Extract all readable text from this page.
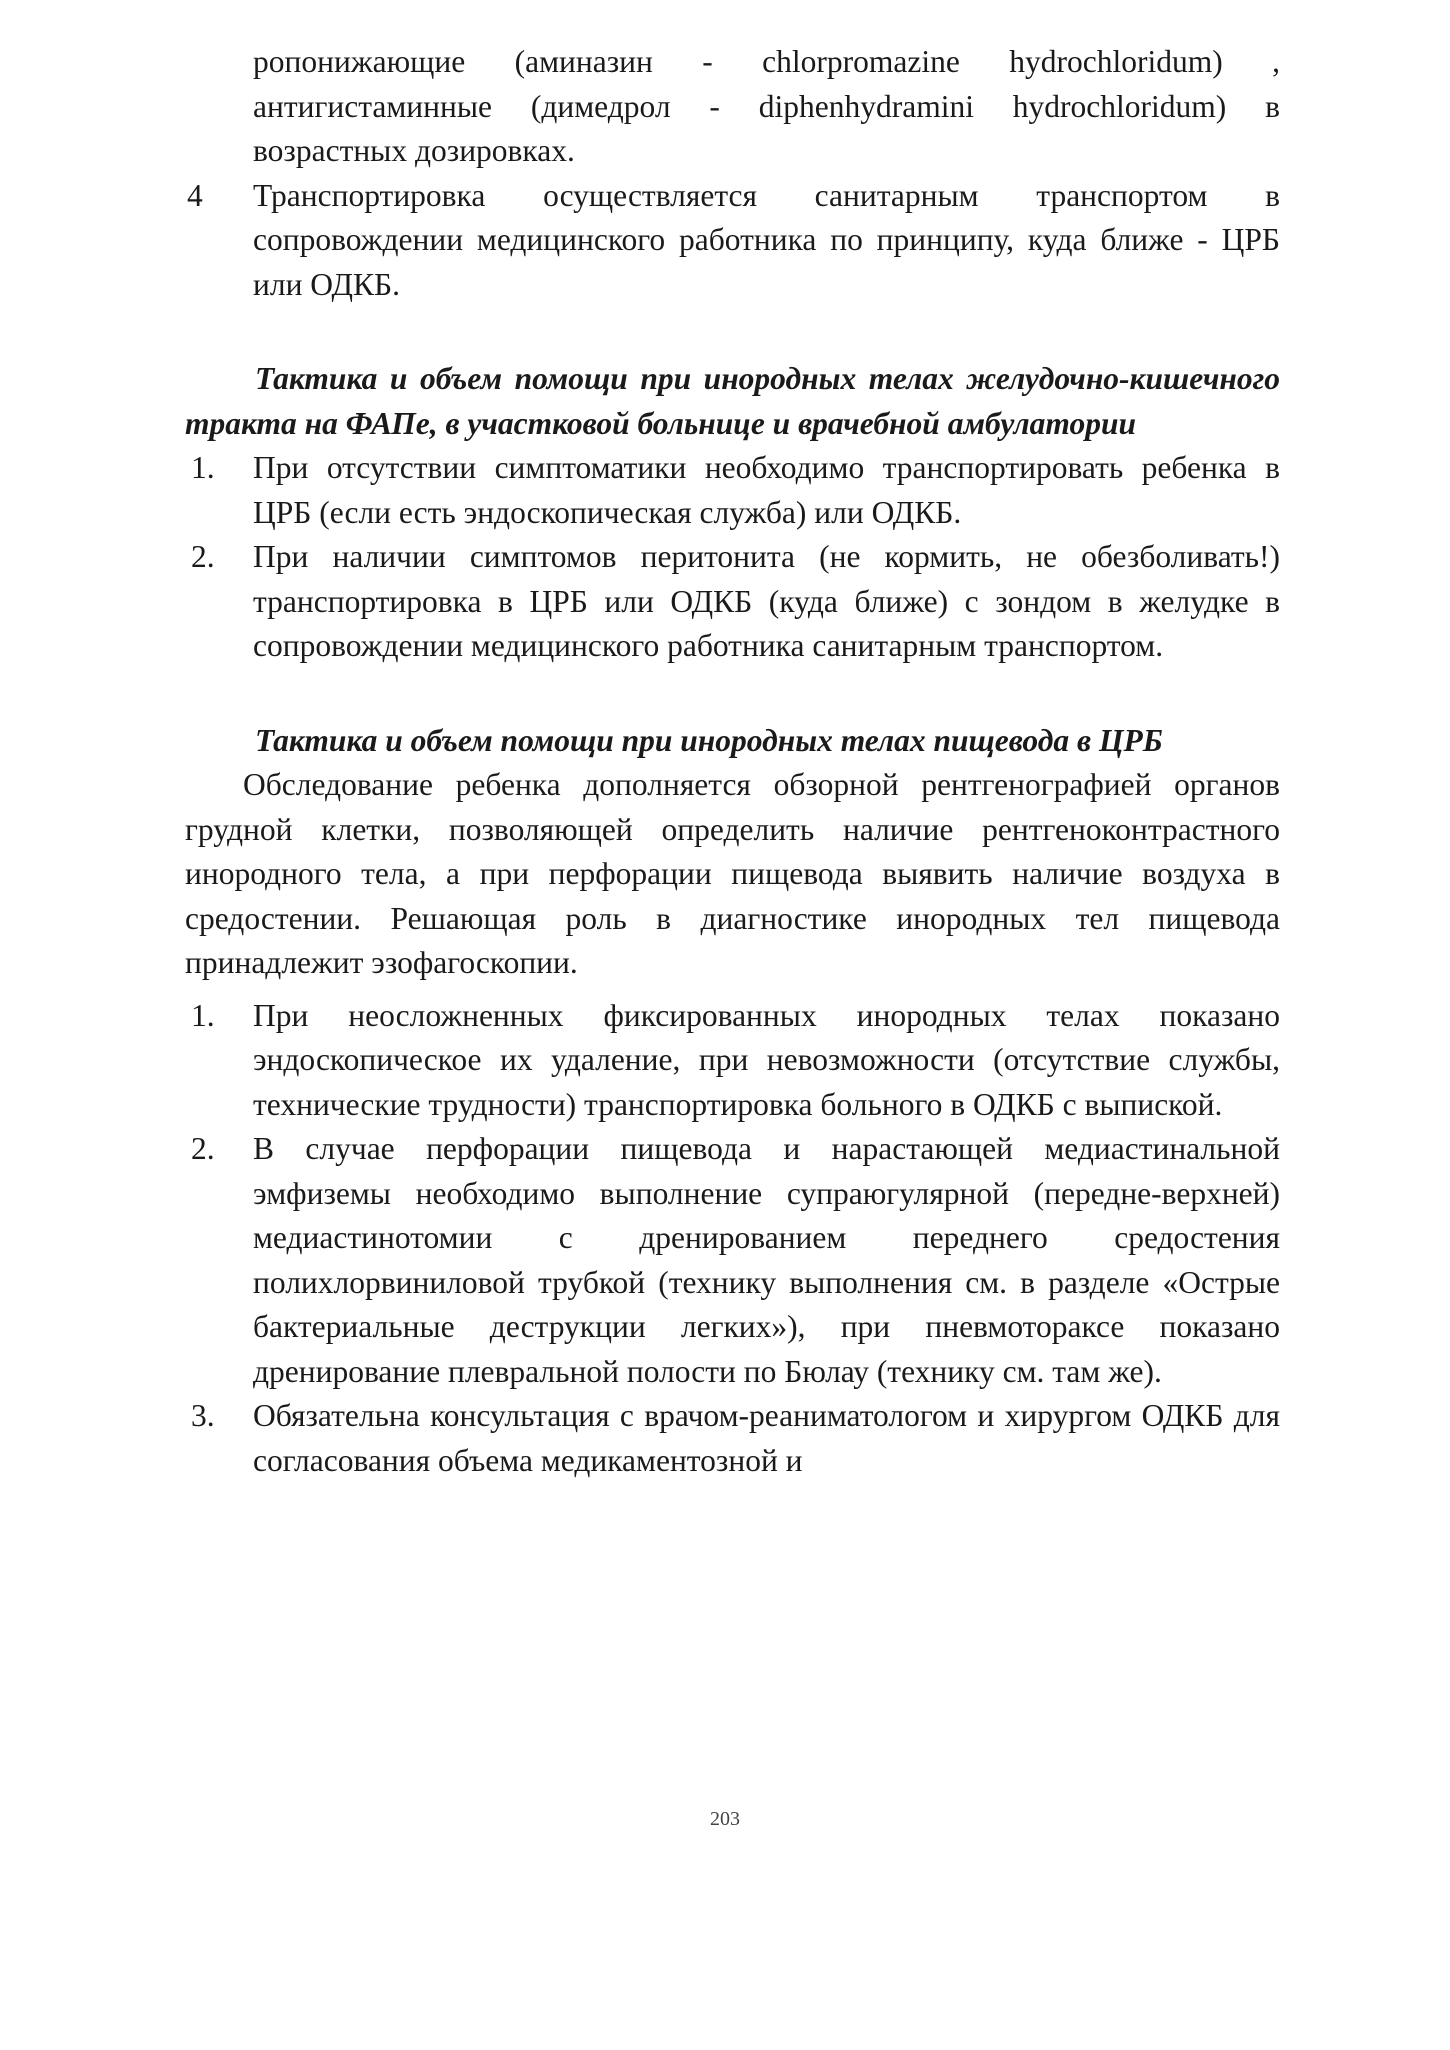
ропонижающие (аминазин - chlorpromazine hydrochloridum) , антигистаминные (димедрол - diphenhydramini hydrochloridum) в возрастных дозировках.

4 Транспортировка осуществляется санитарным транспортом в сопровождении медицинского работника по принципу, куда ближе - ЦРБ или ОДКБ.

Тактика и объем помощи при инородных телах желудочно-кишечного тракта на ФАПе, в участковой больнице и врачебной амбулатории

1. При отсутствии симптоматики необходимо транспортировать ребенка в ЦРБ (если есть эндоскопическая служба) или ОДКБ.
2. При наличии симптомов перитонита (не кормить, не обезболивать!) транспортировка в ЦРБ или ОДКБ (куда ближе) с зондом в желудке в сопровождении медицинского работника санитарным транспортом.

Тактика и объем помощи при инородных телах пищевода в ЦРБ

Обследование ребенка дополняется обзорной рентгенографией органов грудной клетки, позволяющей определить наличие рентгеноконтрастного инородного тела, а при перфорации пищевода выявить наличие воздуха в средостении. Решающая роль в диагностике инородных тел пищевода принадлежит эзофагоскопии.

1. При неосложненных фиксированных инородных телах показано эндоскопическое их удаление, при невозможности (отсутствие службы, технические трудности) транспортировка больного в ОДКБ с выпиской.
2. В случае перфорации пищевода и нарастающей медиастинальной эмфиземы необходимо выполнение супраюгулярной (передне-верхней) медиастинотомии с дренированием переднего средостения полихлорвиниловой трубкой (технику выполнения см. в разделе «Острые бактериальные деструкции легких»), при пневмотораксе показано дренирование плевральной полости по Бюлау (технику см. там же).
3. Обязательна консультация с врачом-реаниматологом и хирургом ОДКБ для согласования объема медикаментозной и
203
